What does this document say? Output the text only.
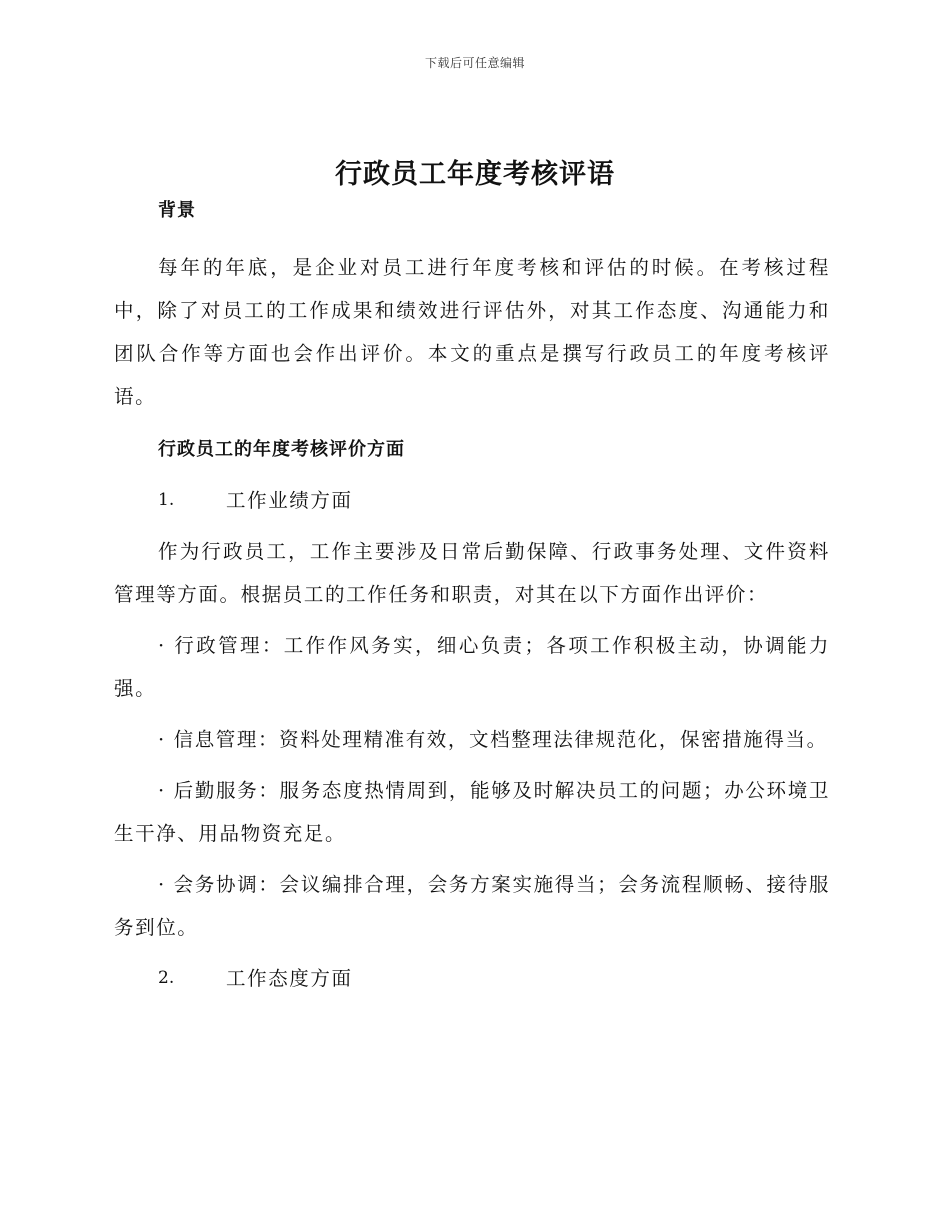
下载后可任意编辑
行政员工年度考核评语

背景

每年的年底，是企业对员工进行年度考核和评估的时候。在考核过程中，除了对员工的工作成果和绩效进行评估外，对其工作态度、沟通能力和团队合作等方面也会作出评价。本文的重点是撰写行政员工的年度考核评语。

行政员工的年度考核评价方面

1.	工作业绩方面

作为行政员工，工作主要涉及日常后勤保障、行政事务处理、文件资料管理等方面。根据员工的工作任务和职责，对其在以下方面作出评价：

· 行政管理：工作作风务实，细心负责；各项工作积极主动，协调能力强。

· 信息管理：资料处理精准有效，文档整理法律规范化，保密措施得当。

· 后勤服务：服务态度热情周到，能够及时解决员工的问题；办公环境卫生干净、用品物资充足。

· 会务协调：会议编排合理，会务方案实施得当；会务流程顺畅、接待服务到位。

2.	工作态度方面
